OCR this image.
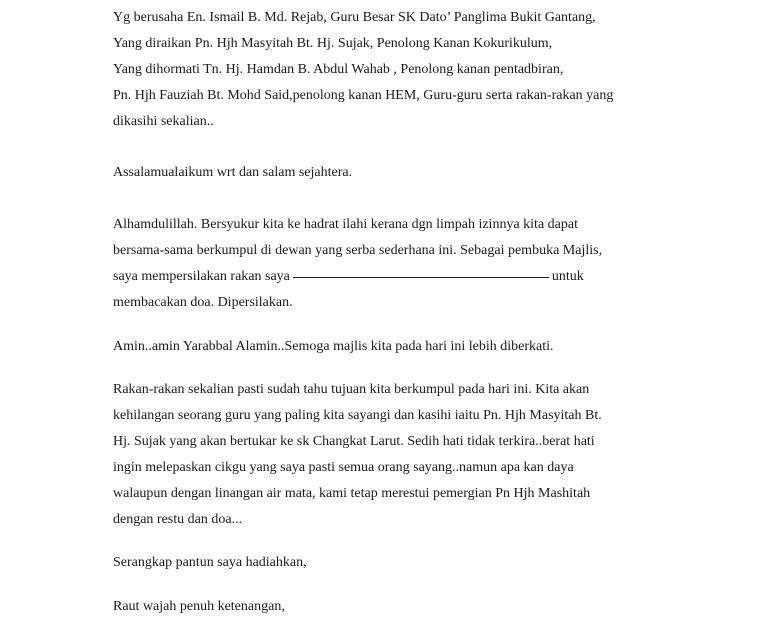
Yg berusaha En. Ismail B. Md. Rejab, Guru Besar SK Dato’ Panglima Bukit Gantang,
Yang diraikan Pn. Hjh Masyitah Bt. Hj. Sujak, Penolong Kanan Kokurikulum,
Yang dihormati Tn. Hj. Hamdan B. Abdul Wahab , Penolong kanan pentadbiran,
Pn. Hjh Fauziah Bt. Mohd Said,penolong kanan HEM, Guru-guru serta rakan-rakan yang
dikasihi sekalian..
Assalamualaikum wrt dan salam sejahtera.
Alhamdulillah. Bersyukur kita ke hadrat ilahi kerana dgn limpah izinnya kita dapat
bersama-sama berkumpul di dewan yang serba sederhana ini. Sebagai pembuka Majlis,
saya mempersilakan rakan saya	untuk
membacakan doa. Dipersilakan.
Amin..amin Yarabbal Alamin..Semoga majlis kita pada hari ini lebih diberkati.
Rakan-rakan sekalian pasti sudah tahu tujuan kita berkumpul pada hari ini. Kita akan
kehilangan seorang guru yang paling kita sayangi dan kasihi iaitu Pn. Hjh Masyitah Bt.
Hj. Sujak yang akan bertukar ke sk Changkat Larut. Sedih hati tidak terkira..berat hati
ingin melepaskan cikgu yang saya pasti semua orang sayang..namun apa kan daya
walaupun dengan linangan air mata, kami tetap merestui pemergian Pn Hjh Mashitah
dengan restu dan doa...
Serangkap pantun saya hadiahkan,
Raut wajah penuh ketenangan,
